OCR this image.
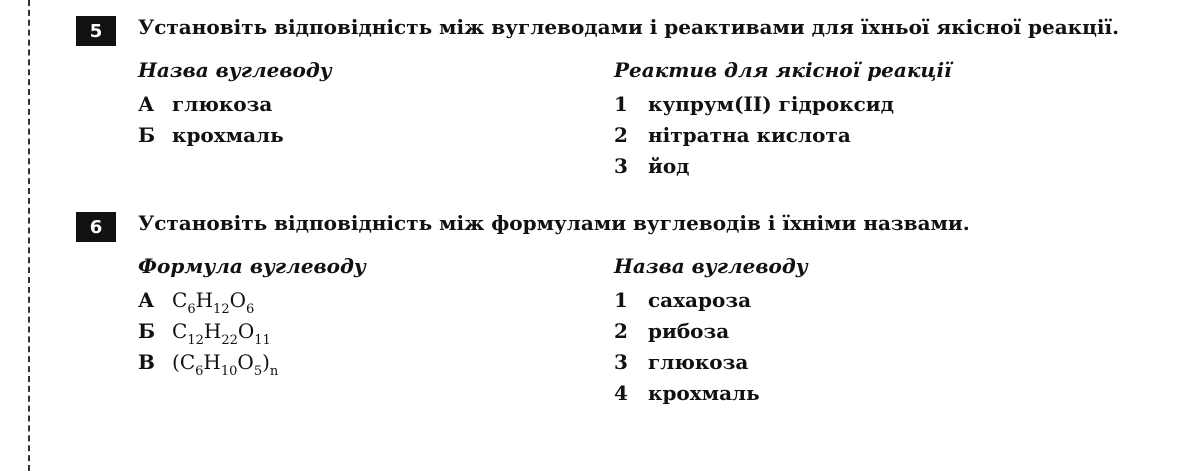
5	Установіть відповідність між вуглеводами і реактивами для їхньої якісної реакції.
Назва вуглеводу
А глюкоза
Б крохмаль
Реактив для якісної реакції
1	купрум(II) гідроксид
2	нітратна кислота
3	йод
6	Установіть відповідність між формулами вуглеводів і їхніми назвами.
Формула вуглеводу
А $C_6H_{12}O_6$
Б $C_{12}H_{22}O_{11}$
В $(C_6H_{10}O_5)_n$
Назва вуглеводу
1	сахароза
2	рибоза
3	глюкоза
4	крохмаль
